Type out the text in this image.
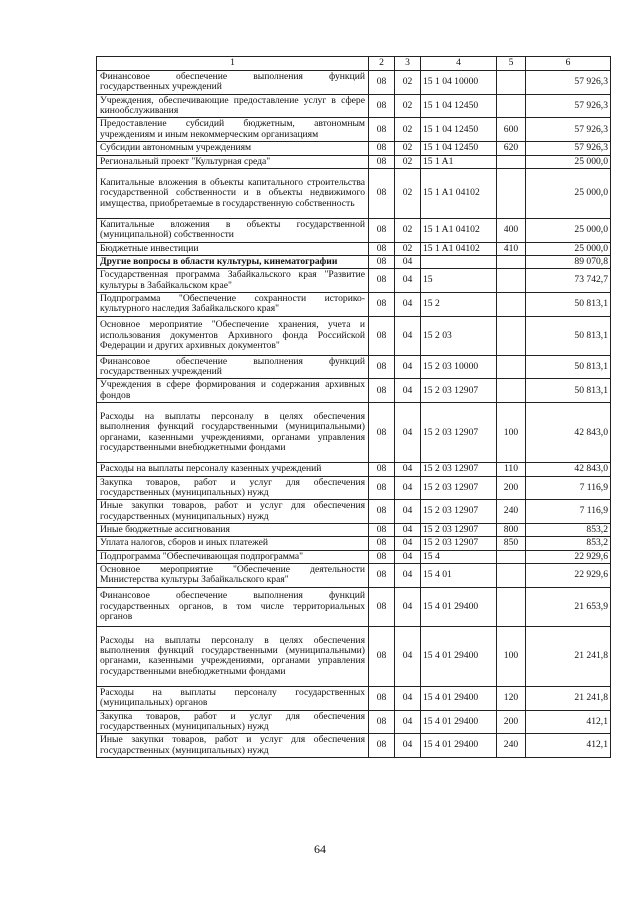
1	2	3	4	5	6
Финансовое обеспечение выполнения функций государственных учреждений	08	02	15 1 04 10000		57 926,3
Учреждения, обеспечивающие предоставление услуг в сфере кинообслуживания	08	02	15 1 04 12450		57 926,3
Предоставление субсидий бюджетным, автономным учреждениям и иным некоммерческим организациям	08	02	15 1 04 12450	600	57 926,3
Субсидии автономным учреждениям	08	02	15 1 04 12450	620	57 926,3
Региональный проект "Культурная среда"	08	02	15 1 A1		25 000,0
Капитальные вложения в объекты капитального строительства государственной собственности и в объекты недвижимого имущества, приобретаемые в государственную собственность	08	02	15 1 A1 04102		25 000,0
Капитальные вложения в объекты государственной (муниципальной) собственности	08	02	15 1 A1 04102	400	25 000,0
Бюджетные инвестиции	08	02	15 1 A1 04102	410	25 000,0
Другие вопросы в области культуры, кинематографии	08	04			89 070,8
Государственная программа Забайкальского края "Развитие культуры в Забайкальском крае"	08	04	15		73 742,7
Подпрограмма "Обеспечение сохранности историко-культурного наследия Забайкальского края"	08	04	15 2		50 813,1
Основное мероприятие "Обеспечение хранения, учета и использования документов Архивного фонда Российской Федерации и других архивных документов"	08	04	15 2 03		50 813,1
Финансовое обеспечение выполнения функций государственных учреждений	08	04	15 2 03 10000		50 813,1
Учреждения в сфере формирования и содержания архивных фондов	08	04	15 2 03 12907		50 813,1
Расходы на выплаты персоналу в целях обеспечения выполнения функций государственными (муниципальными) органами, казенными учреждениями, органами управления государственными внебюджетными фондами	08	04	15 2 03 12907	100	42 843,0
Расходы на выплаты персоналу казенных учреждений	08	04	15 2 03 12907	110	42 843,0
Закупка товаров, работ и услуг для обеспечения государственных (муниципальных) нужд	08	04	15 2 03 12907	200	7 116,9
Иные закупки товаров, работ и услуг для обеспечения государственных (муниципальных) нужд	08	04	15 2 03 12907	240	7 116,9
Иные бюджетные ассигнования	08	04	15 2 03 12907	800	853,2
Уплата налогов, сборов и иных платежей	08	04	15 2 03 12907	850	853,2
Подпрограмма "Обеспечивающая подпрограмма"	08	04	15 4		22 929,6
Основное мероприятие "Обеспечение деятельности Министерства культуры Забайкальского края"	08	04	15 4 01		22 929,6
Финансовое обеспечение выполнения функций государственных органов, в том числе территориальных органов	08	04	15 4 01 29400		21 653,9
Расходы на выплаты персоналу в целях обеспечения выполнения функций государственными (муниципальными) органами, казенными учреждениями, органами управления государственными внебюджетными фондами	08	04	15 4 01 29400	100	21 241,8
Расходы на выплаты персоналу государственных (муниципальных) органов	08	04	15 4 01 29400	120	21 241,8
Закупка товаров, работ и услуг для обеспечения государственных (муниципальных) нужд	08	04	15 4 01 29400	200	412,1
Иные закупки товаров, работ и услуг для обеспечения государственных (муниципальных) нужд	08	04	15 4 01 29400	240	412,1
64
